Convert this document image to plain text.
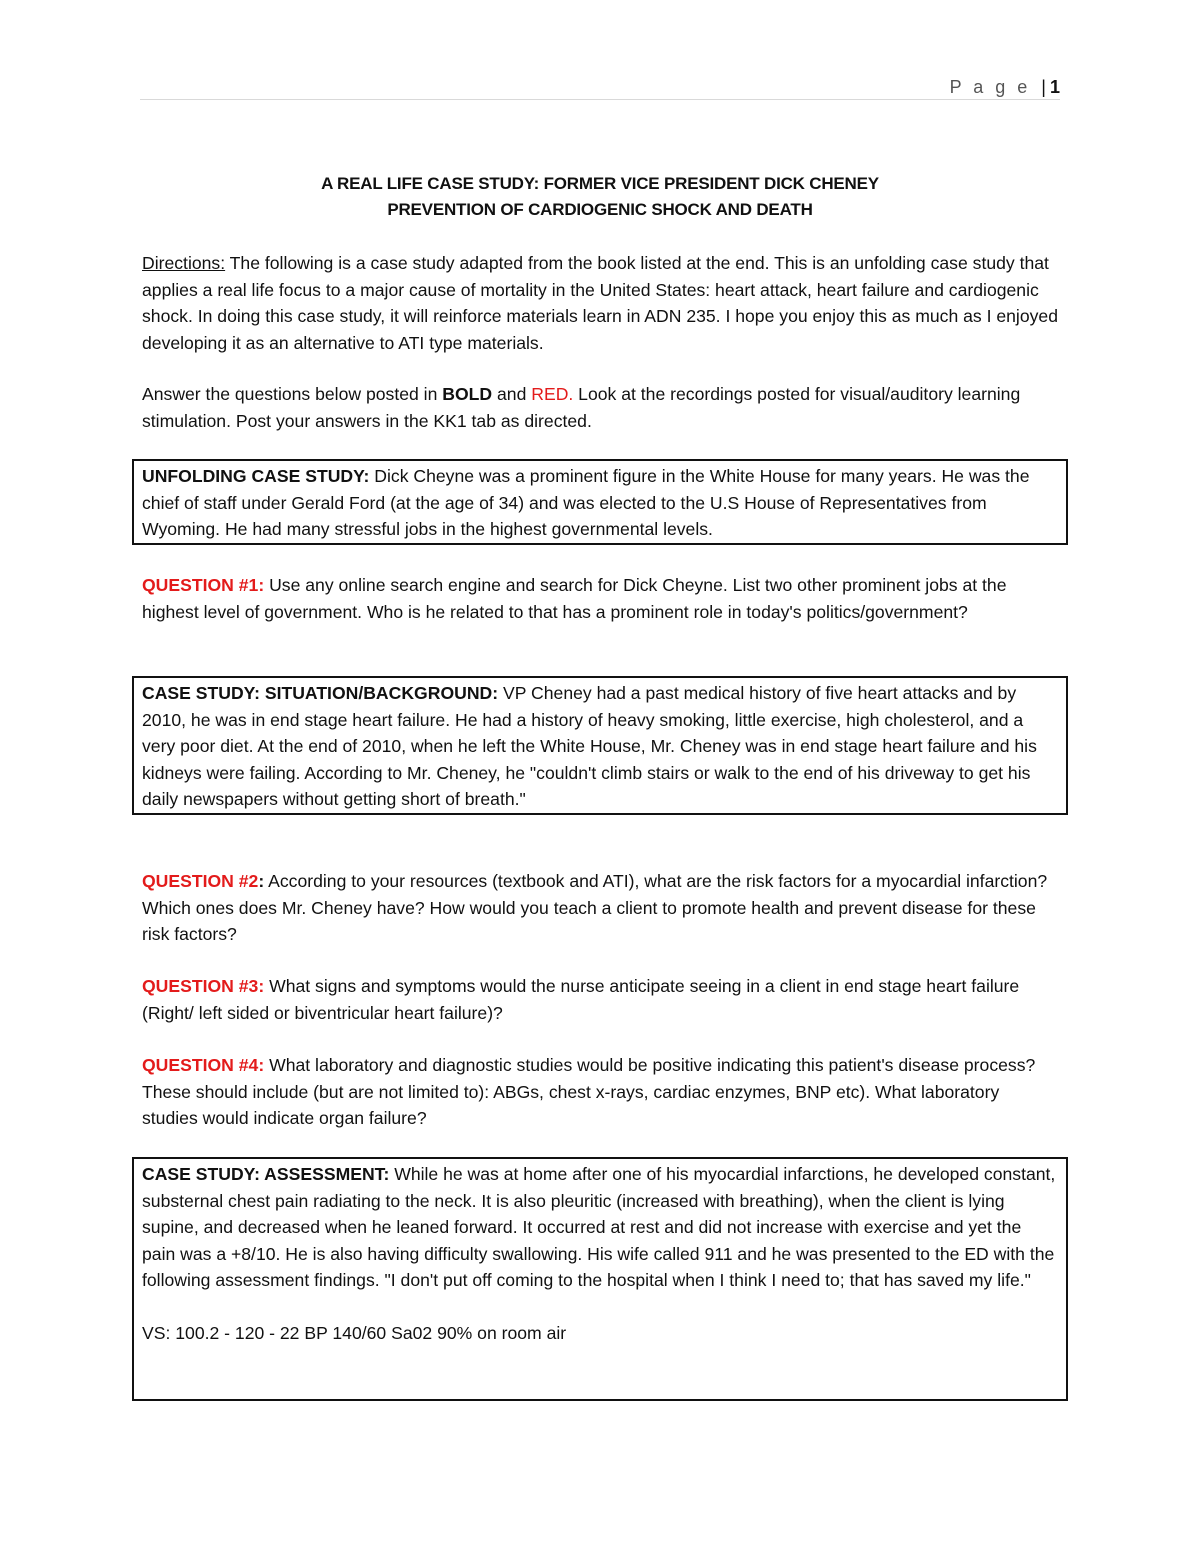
P a g e | 1
A REAL LIFE CASE STUDY: FORMER VICE PRESIDENT DICK CHENEY
PREVENTION OF CARDIOGENIC SHOCK AND DEATH
Directions: The following is a case study adapted from the book listed at the end. This is an unfolding case study that applies a real life focus to a major cause of mortality in the United States: heart attack, heart failure and cardiogenic shock. In doing this case study, it will reinforce materials learn in ADN 235. I hope you enjoy this as much as I enjoyed developing it as an alternative to ATI type materials.
Answer the questions below posted in BOLD and RED. Look at the recordings posted for visual/auditory learning stimulation. Post your answers in the KK1 tab as directed.
UNFOLDING CASE STUDY: Dick Cheyne was a prominent figure in the White House for many years. He was the chief of staff under Gerald Ford (at the age of 34) and was elected to the U.S House of Representatives from Wyoming. He had many stressful jobs in the highest governmental levels.
QUESTION #1: Use any online search engine and search for Dick Cheyne. List two other prominent jobs at the highest level of government. Who is he related to that has a prominent role in today's politics/government?
CASE STUDY: SITUATION/BACKGROUND: VP Cheney had a past medical history of five heart attacks and by 2010, he was in end stage heart failure. He had a history of heavy smoking, little exercise, high cholesterol, and a very poor diet. At the end of 2010, when he left the White House, Mr. Cheney was in end stage heart failure and his kidneys were failing. According to Mr. Cheney, he "couldn't climb stairs or walk to the end of his driveway to get his daily newspapers without getting short of breath."
QUESTION #2: According to your resources (textbook and ATI), what are the risk factors for a myocardial infarction? Which ones does Mr. Cheney have? How would you teach a client to promote health and prevent disease for these risk factors?
QUESTION #3: What signs and symptoms would the nurse anticipate seeing in a client in end stage heart failure (Right/ left sided or biventricular heart failure)?
QUESTION #4: What laboratory and diagnostic studies would be positive indicating this patient's disease process? These should include (but are not limited to): ABGs, chest x-rays, cardiac enzymes, BNP etc). What laboratory studies would indicate organ failure?
CASE STUDY: ASSESSMENT: While he was at home after one of his myocardial infarctions, he developed constant, substernal chest pain radiating to the neck. It is also pleuritic (increased with breathing), when the client is lying supine, and decreased when he leaned forward. It occurred at rest and did not increase with exercise and yet the pain was a +8/10. He is also having difficulty swallowing. His wife called 911 and he was presented to the ED with the following assessment findings. "I don't put off coming to the hospital when I think I need to; that has saved my life."
VS: 100.2 - 120 - 22 BP 140/60 Sa02 90% on room air
